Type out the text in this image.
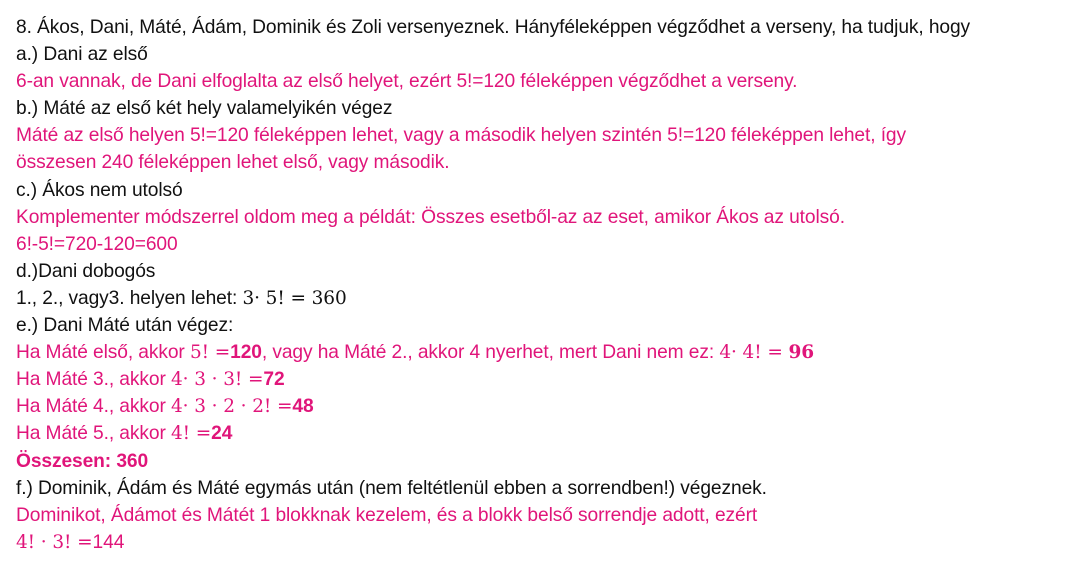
8. Ákos, Dani, Máté, Ádám, Dominik és Zoli versenyeznek. Hányféleképpen végződhet a verseny, ha tudjuk, hogy
a.) Dani az első
6-an vannak, de Dani elfoglalta az első helyet, ezért 5!=120 féleképpen végződhet a verseny.
b.) Máté az első két hely valamelyikén végez
Máté az első helyen 5!=120 féleképpen lehet, vagy a második helyen szintén 5!=120 féleképpen lehet, így
összesen 240 féleképpen lehet első, vagy második.
c.) Ákos nem utolsó
Komplementer módszerrel oldom meg a példát: Összes esetből-az az eset, amikor Ákos az utolsó.
6!-5!=720-120=600
d.)Dani dobogós
1., 2., vagy3. helyen lehet: 3· 5! = 360
e.) Dani Máté után végez:
Ha Máté első, akkor 5! =120, vagy ha Máté 2., akkor 4 nyerhet, mert Dani nem ez: 4· 4! = 96
Ha Máté 3., akkor 4· 3 · 3! =72
Ha Máté 4., akkor 4· 3 · 2 · 2! =48
Ha Máté 5., akkor 4! =24
Összesen: 360
f.) Dominik, Ádám és Máté egymás után (nem feltétlenül ebben a sorrendben!) végeznek.
Dominikot, Ádámot és Mátét 1 blokknak kezelem, és a blokk belső sorrendje adott, ezért
4! · 3! =144
